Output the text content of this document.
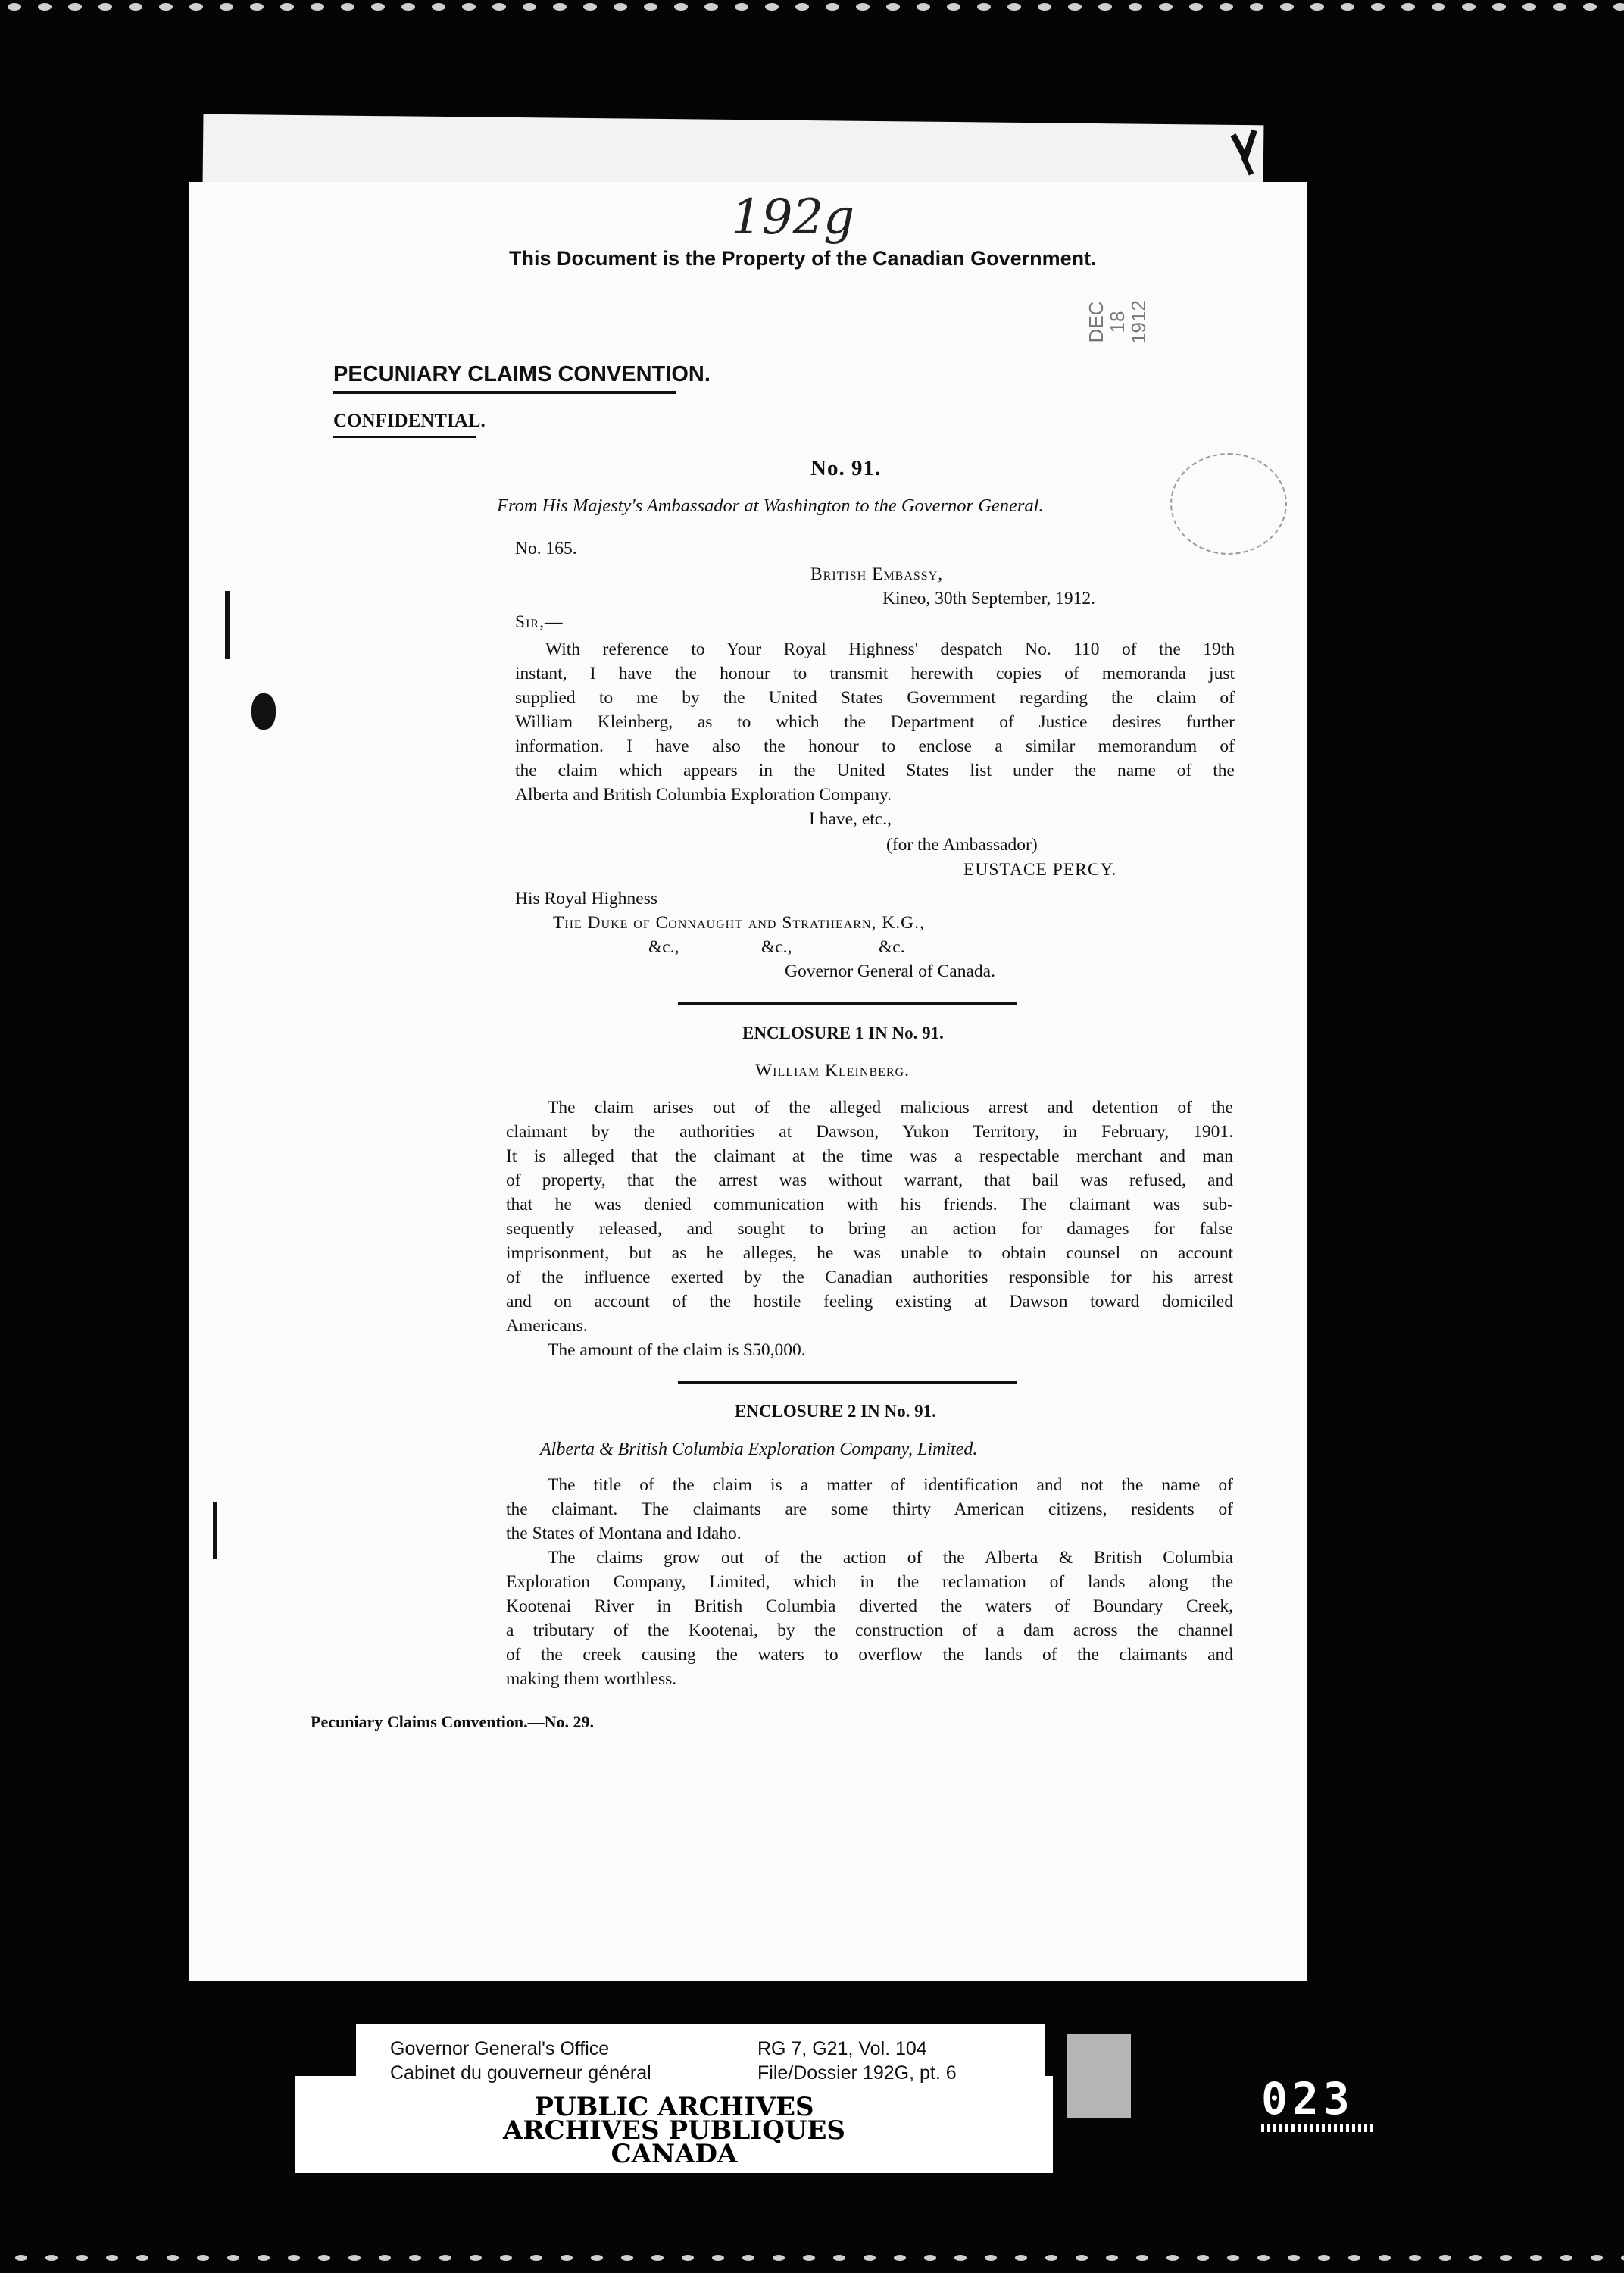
192g
This Document is the Property of the Canadian Government.
DEC 18 1912
PECUNIARY CLAIMS CONVENTION.
CONFIDENTIAL.
No. 91.
From His Majesty's Ambassador at Washington to the Governor General.
No. 165.
British Embassy,
Kineo, 30th September, 1912.
Sir,—
With reference to Your Royal Highness' despatch No. 110 of the 19th
instant, I have the honour to transmit herewith copies of memoranda just
supplied to me by the United States Government regarding the claim of
William Kleinberg, as to which the Department of Justice desires further
information. I have also the honour to enclose a similar memorandum of
the claim which appears in the United States list under the name of the
Alberta and British Columbia Exploration Company.
I have, etc.,
(for the Ambassador)
EUSTACE PERCY.
His Royal Highness
The Duke of Connaught and Strathearn, K.G.,
&c.,	&c.,	&c.
Governor General of Canada.
ENCLOSURE 1 IN No. 91.
William Kleinberg.
The claim arises out of the alleged malicious arrest and detention of the
claimant by the authorities at Dawson, Yukon Territory, in February, 1901.
It is alleged that the claimant at the time was a respectable merchant and man
of property, that the arrest was without warrant, that bail was refused, and
that he was denied communication with his friends. The claimant was sub-
sequently released, and sought to bring an action for damages for false
imprisonment, but as he alleges, he was unable to obtain counsel on account
of the influence exerted by the Canadian authorities responsible for his arrest
and on account of the hostile feeling existing at Dawson toward domiciled
Americans.
The amount of the claim is $50,000.
ENCLOSURE 2 IN No. 91.
Alberta & British Columbia Exploration Company, Limited.
The title of the claim is a matter of identification and not the name of
the claimant. The claimants are some thirty American citizens, residents of
the States of Montana and Idaho.
The claims grow out of the action of the Alberta & British Columbia
Exploration Company, Limited, which in the reclamation of lands along the
Kootenai River in British Columbia diverted the waters of Boundary Creek,
a tributary of the Kootenai, by the construction of a dam across the channel
of the creek causing the waters to overflow the lands of the claimants and
making them worthless.
Pecuniary Claims Convention.—No. 29.
Governor General's Office
Cabinet du gouverneur général
RG 7, G21, Vol. 104
File/Dossier 192G, pt. 6
PUBLIC ARCHIVES
ARCHIVES PUBLIQUES
CANADA
023
